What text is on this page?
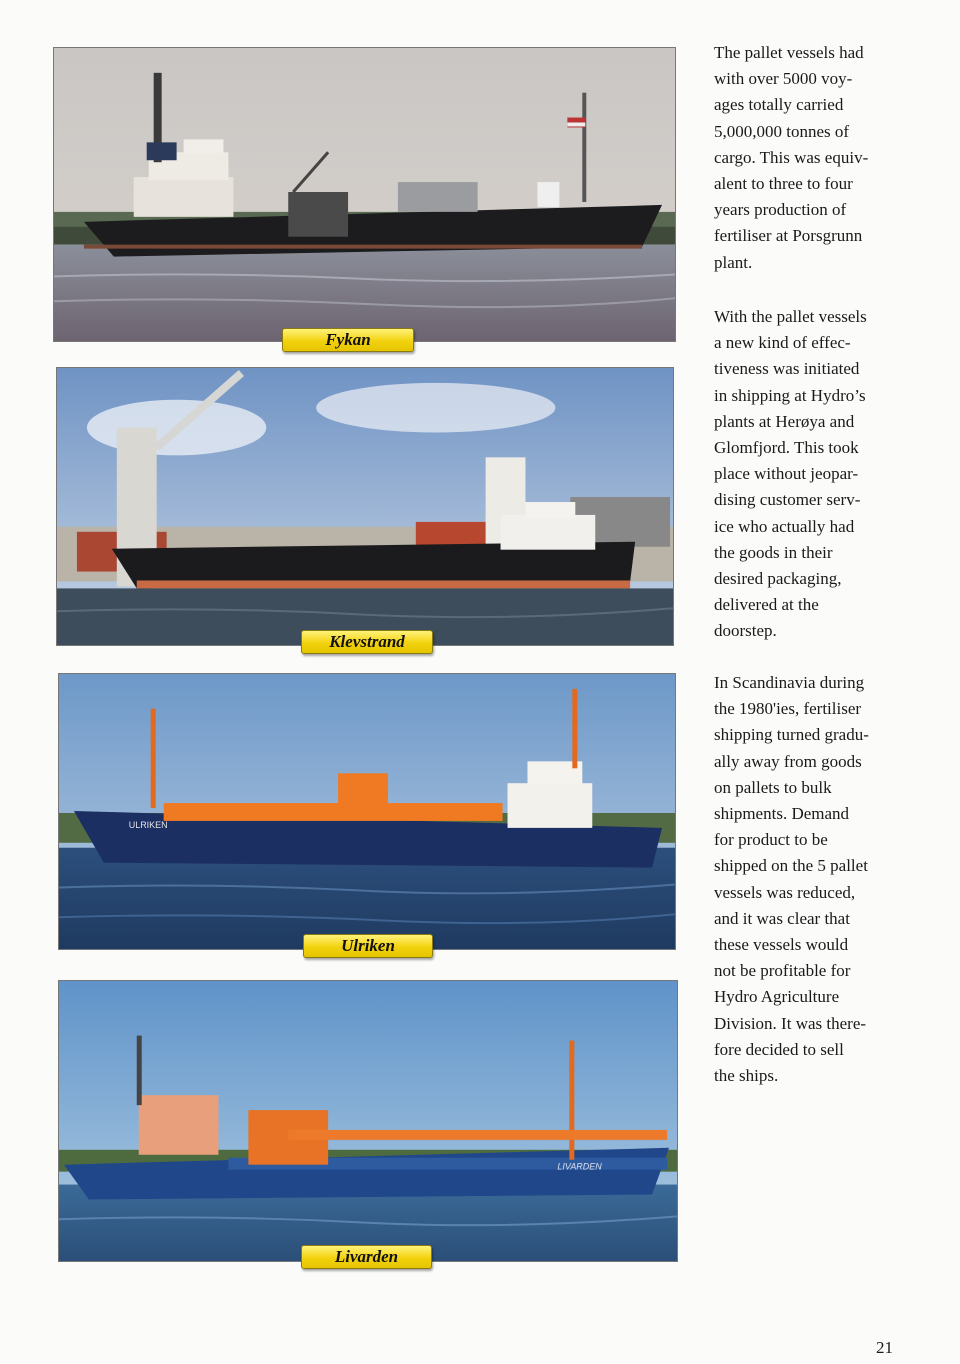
Fykan
Klevstrand
ULRIKEN
Ulriken
LIVARDEN
Livarden

The pallet vessels had
with over 5000 voy-
ages totally carried
5,000,000 tonnes of
cargo. This was equiv-
alent to three to four
years production of
fertiliser at Porsgrunn
plant.

With the pallet vessels
a new kind of effec-
tiveness was initiated
in shipping at Hydro’s
plants at Herøya and
Glomfjord. This took
place without jeopar-
dising customer serv-
ice who actually had
the goods in their
desired packaging,
delivered at the
doorstep.

In Scandinavia during
the 1980'ies, fertiliser
shipping turned gradu-
ally away from goods
on pallets to bulk
shipments. Demand
for product to be
shipped on the 5 pallet
vessels was reduced,
and it was clear that
these vessels would
not be profitable for
Hydro Agriculture
Division. It was there-
fore decided to sell
the ships.

21
